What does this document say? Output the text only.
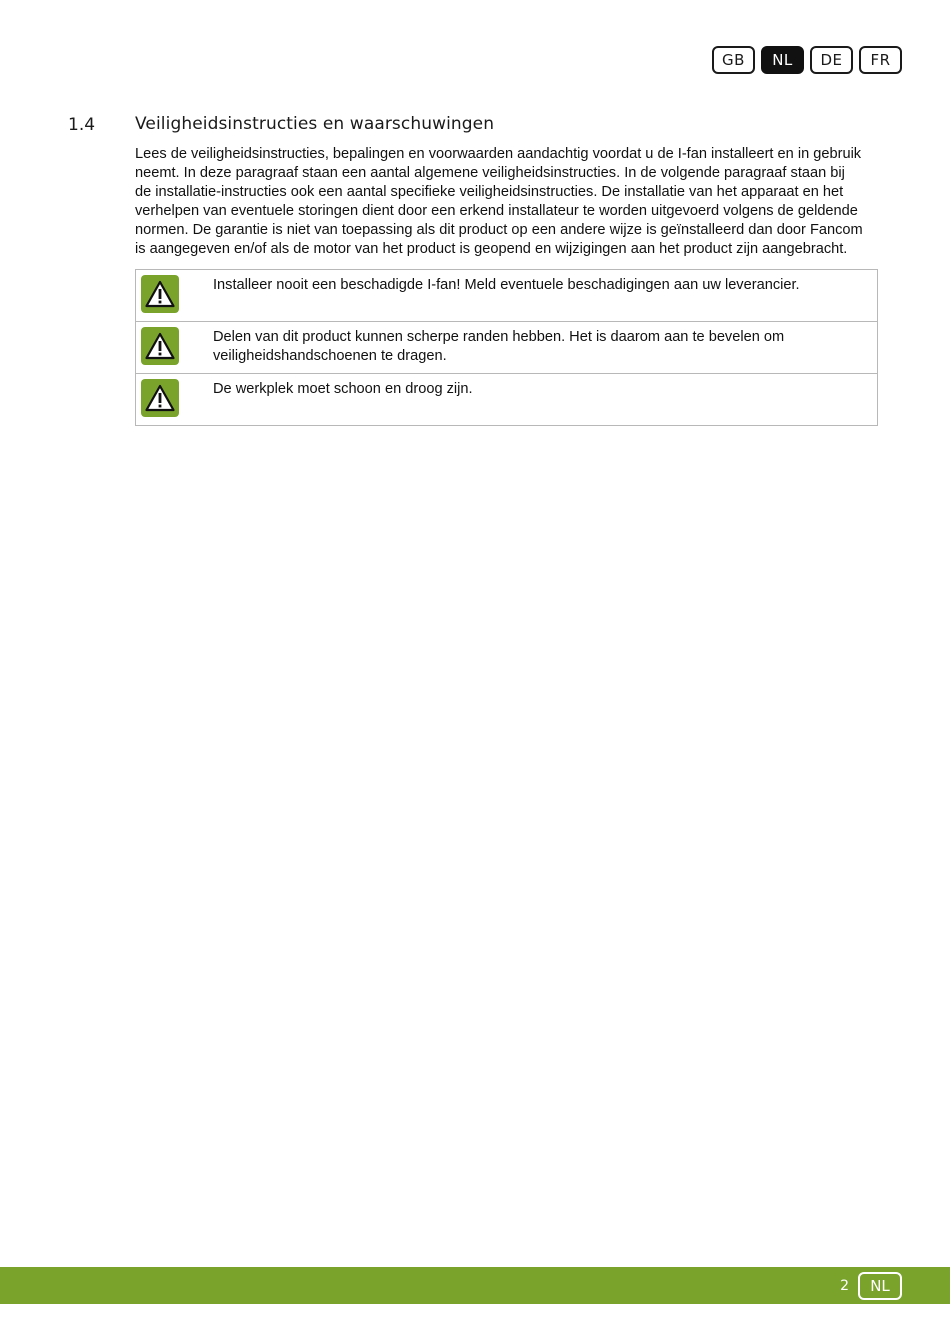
GB	NL	DE	FR
1.4 Veiligheidsinstructies en waarschuwingen

Lees de veiligheidsinstructies, bepalingen en voorwaarden aandachtig voordat u de I-fan installeert en in gebruik neemt. In deze paragraaf staan een aantal algemene veiligheidsinstructies. In de volgende paragraaf staan bij de installatie-instructies ook een aantal specifieke veiligheidsinstructies. De installatie van het apparaat en het verhelpen van eventuele storingen dient door een erkend installateur te worden uitgevoerd volgens de geldende normen. De garantie is niet van toepassing als dit product op een andere wijze is geïnstalleerd dan door Fancom is aangegeven en/of als de motor van het product is geopend en wijzigingen aan het product zijn aangebracht.

Installeer nooit een beschadigde I-fan! Meld eventuele beschadigingen aan uw leverancier.
Delen van dit product kunnen scherpe randen hebben. Het is daarom aan te bevelen om veiligheidshandschoenen te dragen.
De werkplek moet schoon en droog zijn.
2	NL
